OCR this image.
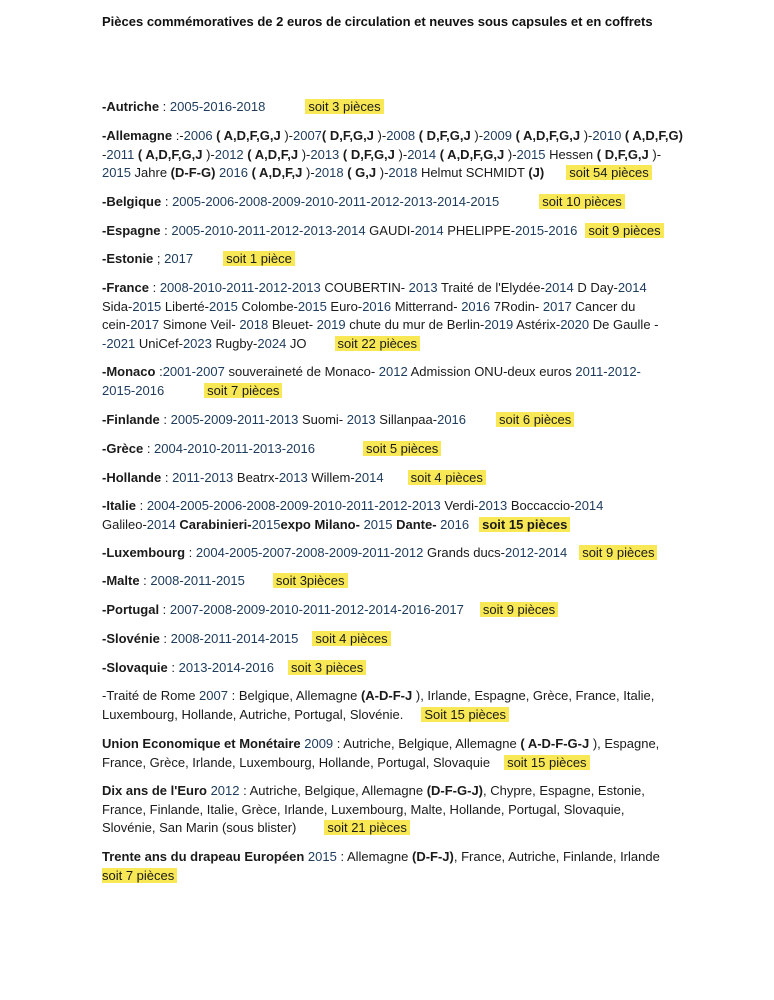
Pièces commémoratives de 2 euros de circulation et neuves sous capsules et en coffrets
-Autriche : 2005-2016-2018	soit 3 pièces
-Allemagne :-2006 ( A,D,F,G,J )-2007( D,F,G,J )-2008 ( D,F,G,J )-2009 ( A,D,F,G,J )-2010 ( A,D,F,G)
-2011 ( A,D,F,G,J )-2012 ( A,D,F,J )-2013 ( D,F,G,J )-2014 ( A,D,F,G,J )-2015 Hessen ( D,F,G,J )-
2015 Jahre (D-F-G) 2016 ( A,D,F,J )-2018 ( G,J )-2018 Helmut SCHMIDT (J) soit 54 pièces
-Belgique : 2005-2006-2008-2009-2010-2011-2012-2013-2014-2015	soit 10 pièces
-Espagne : 2005-2010-2011-2012-2013-2014 GAUDI-2014 PHELIPPE-2015-2016 soit 9 pièces
-Estonie ; 2017	soit 1 pièce
-France : 2008-2010-2011-2012-2013 COUBERTIN- 2013 Traité de l'Elydée-2014 D Day-2014
Sida-2015 Liberté-2015 Colombe-2015 Euro-2016 Mitterrand- 2016 7Rodin- 2017 Cancer du
cein-2017 Simone Veil- 2018 Bleuet- 2019 chute du mur de Berlin-2019 Astérix-2020 De Gaulle -
-2021 UniCef-2023 Rugby-2024 JO soit 22 pièces
-Monaco :2001-2007 souveraineté de Monaco- 2012 Admission ONU-deux euros 2011-2012-
2015-2016	soit 7 pièces
-Finlande : 2005-2009-2011-2013 Suomi- 2013 Sillanpaa-2016	soit 6 pièces
-Grèce : 2004-2010-2011-2013-2016	soit 5 pièces
-Hollande : 2011-2013 Beatrx-2013 Willem-2014 soit 4 pièces
-Italie : 2004-2005-2006-2008-2009-2010-2011-2012-2013 Verdi-2013 Boccaccio-2014
Galileo-2014 Carabinieri-2015expo Milano- 2015 Dante- 2016 soit 15 pièces
-Luxembourg : 2004-2005-2007-2008-2009-2011-2012 Grands ducs-2012-2014 soit 9 pièces
-Malte : 2008-2011-2015 soit 3pièces
-Portugal : 2007-2008-2009-2010-2011-2012-2014-2016-2017 soit 9 pièces
-Slovénie : 2008-2011-2014-2015 soit 4 pièces
-Slovaquie : 2013-2014-2016 soit 3 pièces
-Traité de Rome 2007 : Belgique, Allemagne (A-D-F-J ), Irlande, Espagne, Grèce, France, Italie,
Luxembourg, Hollande, Autriche, Portugal, Slovénie. Soit 15 pièces
Union Economique et Monétaire 2009 : Autriche, Belgique, Allemagne ( A-D-F-G-J ), Espagne,
France, Grèce, Irlande, Luxembourg, Hollande, Portugal, Slovaquie soit 15 pièces
Dix ans de l'Euro 2012 : Autriche, Belgique, Allemagne (D-F-G-J), Chypre, Espagne, Estonie,
France, Finlande, Italie, Grèce, Irlande, Luxembourg, Malte, Hollande, Portugal, Slovaquie,
Slovénie, San Marin (sous blister) soit 21 pièces
Trente ans du drapeau Européen 2015 : Allemagne (D-F-J), France, Autriche, Finlande, Irlande
soit 7 pièces
